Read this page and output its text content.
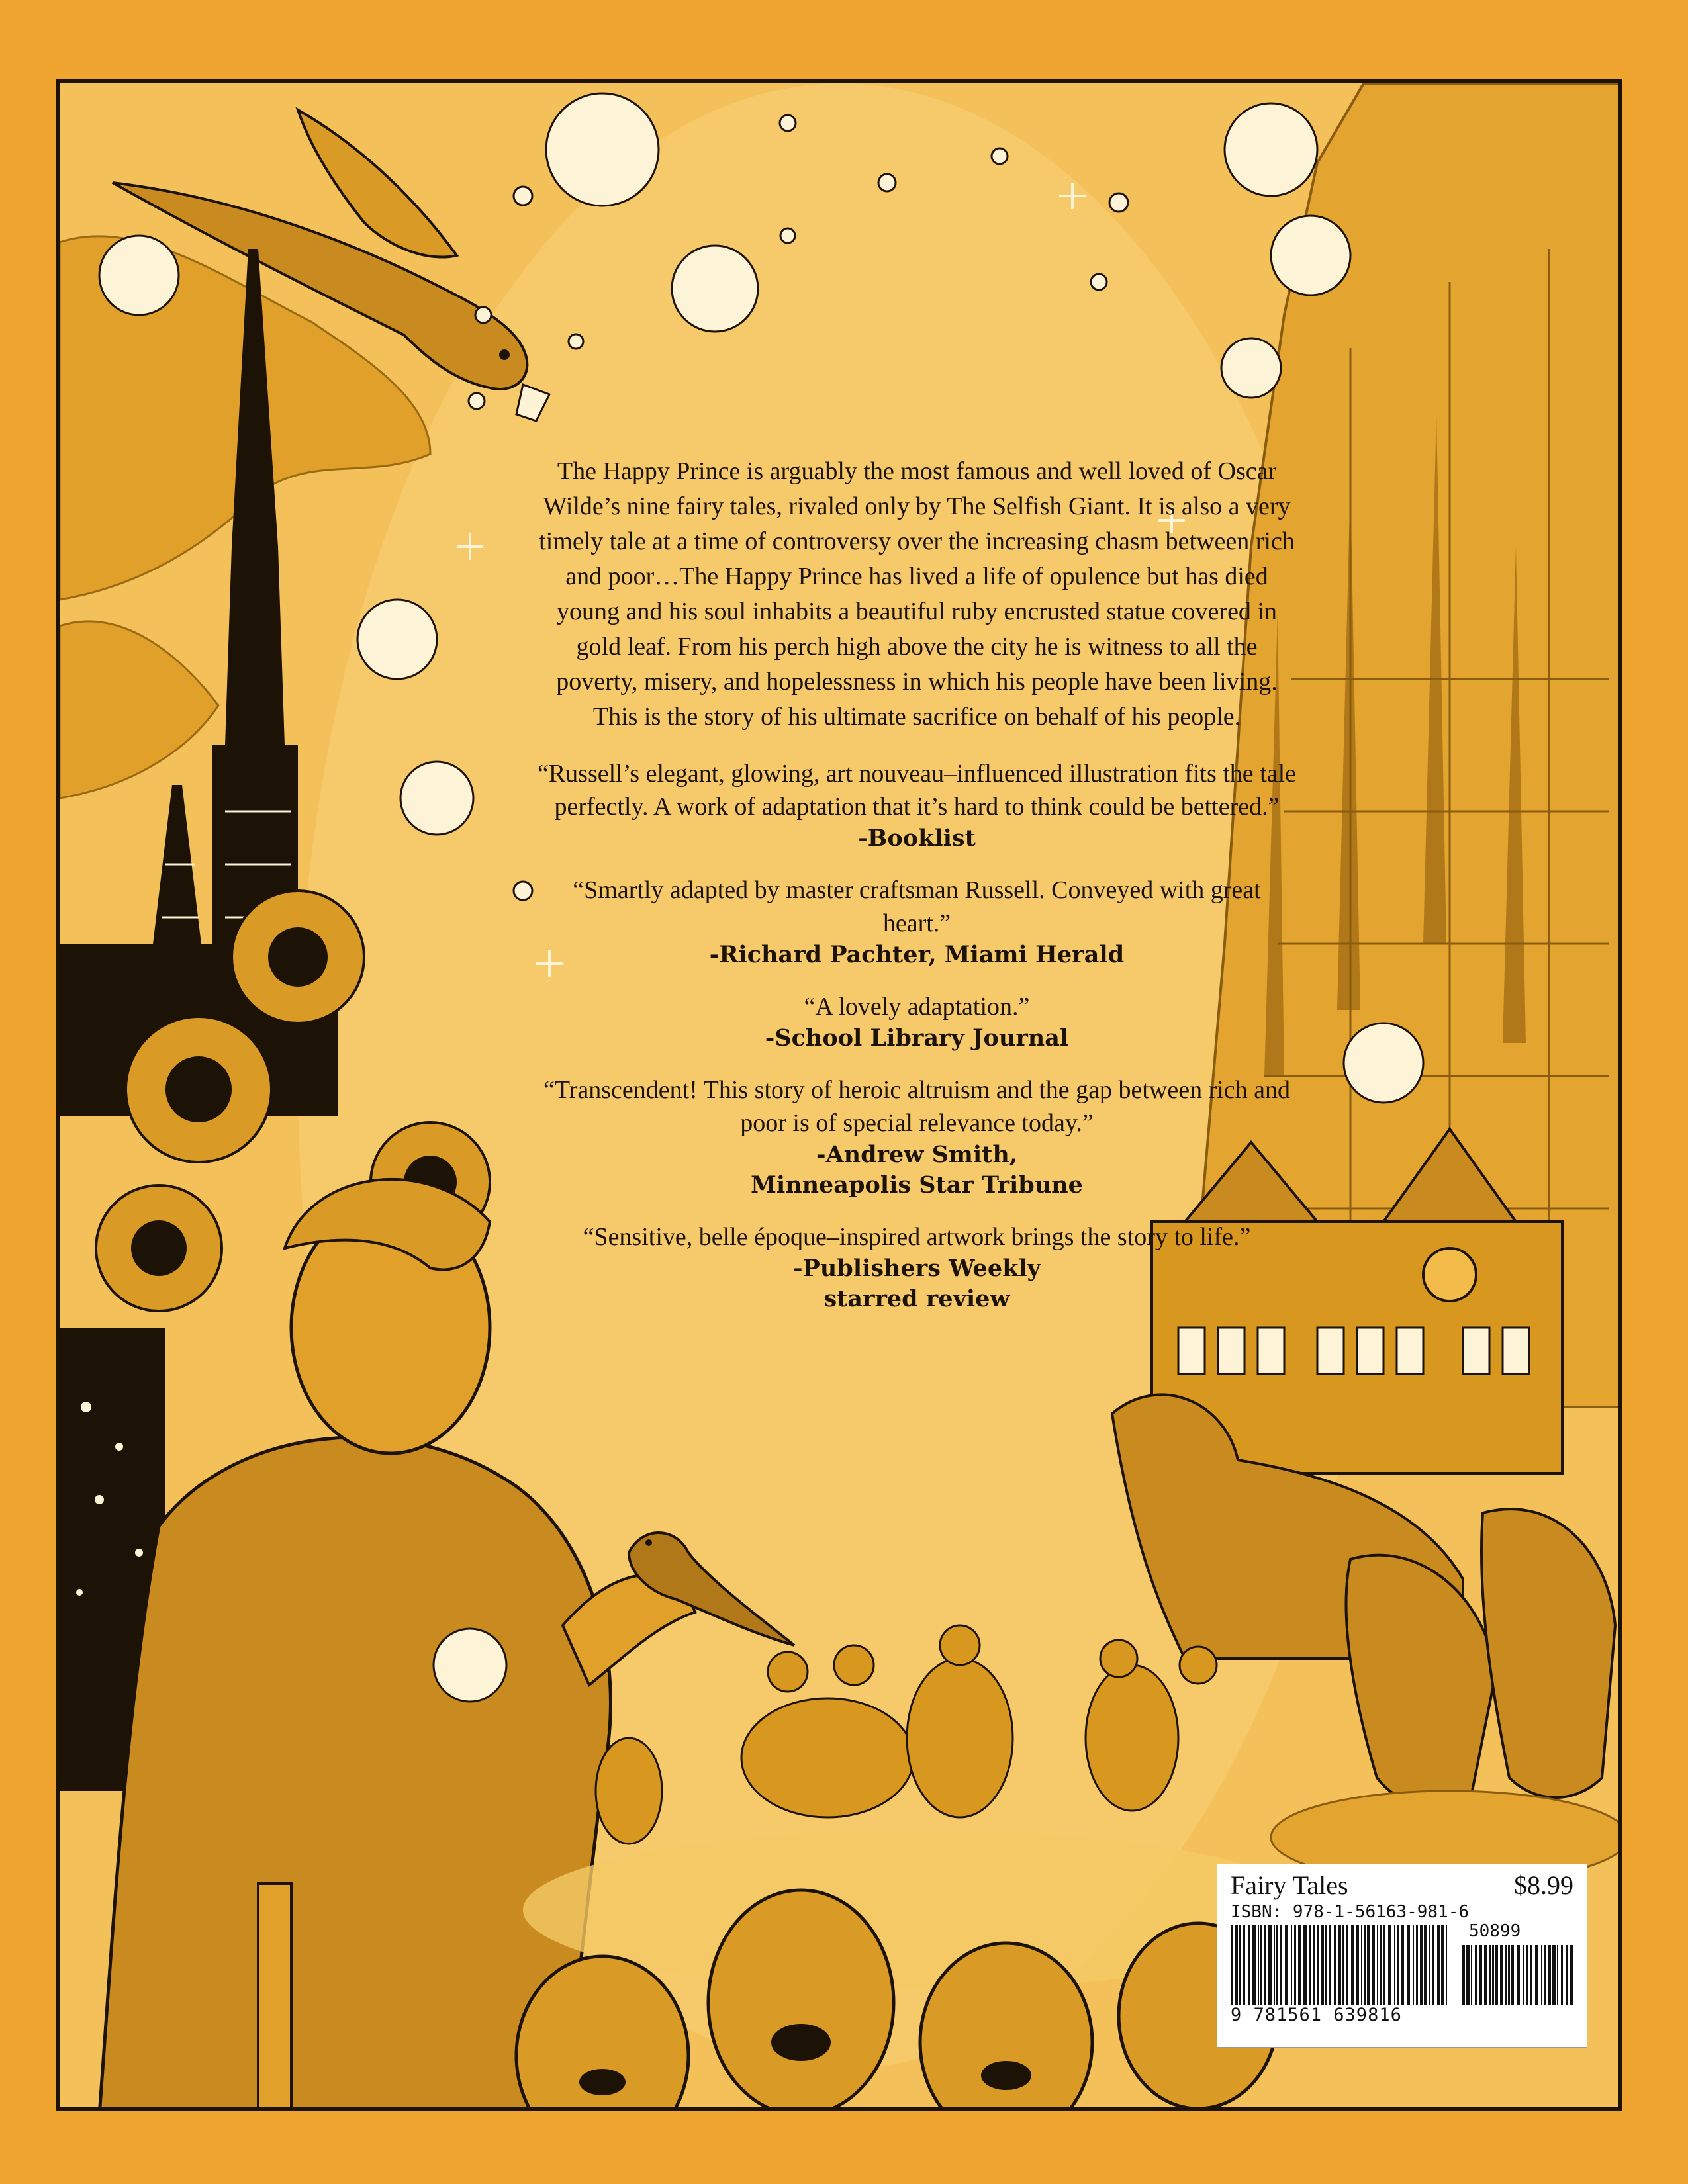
The Happy Prince is arguably the most famous and well loved of Oscar Wilde’s nine fairy tales, rivaled only by The Selfish Giant. It is also a very timely tale at a time of controversy over the increasing chasm between rich and poor…The Happy Prince has lived a life of opulence but has died young and his soul inhabits a beautiful ruby encrusted statue covered in gold leaf. From his perch high above the city he is witness to all the poverty, misery, and hopelessness in which his people have been living. This is the story of his ultimate sacrifice on behalf of his people.

“Russell’s elegant, glowing, art nouveau–influenced illustration fits the tale perfectly. A work of adaptation that it’s hard to think could be bettered.”
-Booklist
“Smartly adapted by master craftsman Russell. Conveyed with great heart.”
-Richard Pachter, Miami Herald
“A lovely adaptation.”
-School Library Journal
“Transcendent! This story of heroic altruism and the gap between rich and poor is of special relevance today.”
-Andrew Smith,
Minneapolis Star Tribune
“Sensitive, belle époque–inspired artwork brings the story to life.”
-Publishers Weekly
starred review
Fairy Tales	$8.99
ISBN: 978-1-56163-981-6
50899
9 781561 639816
